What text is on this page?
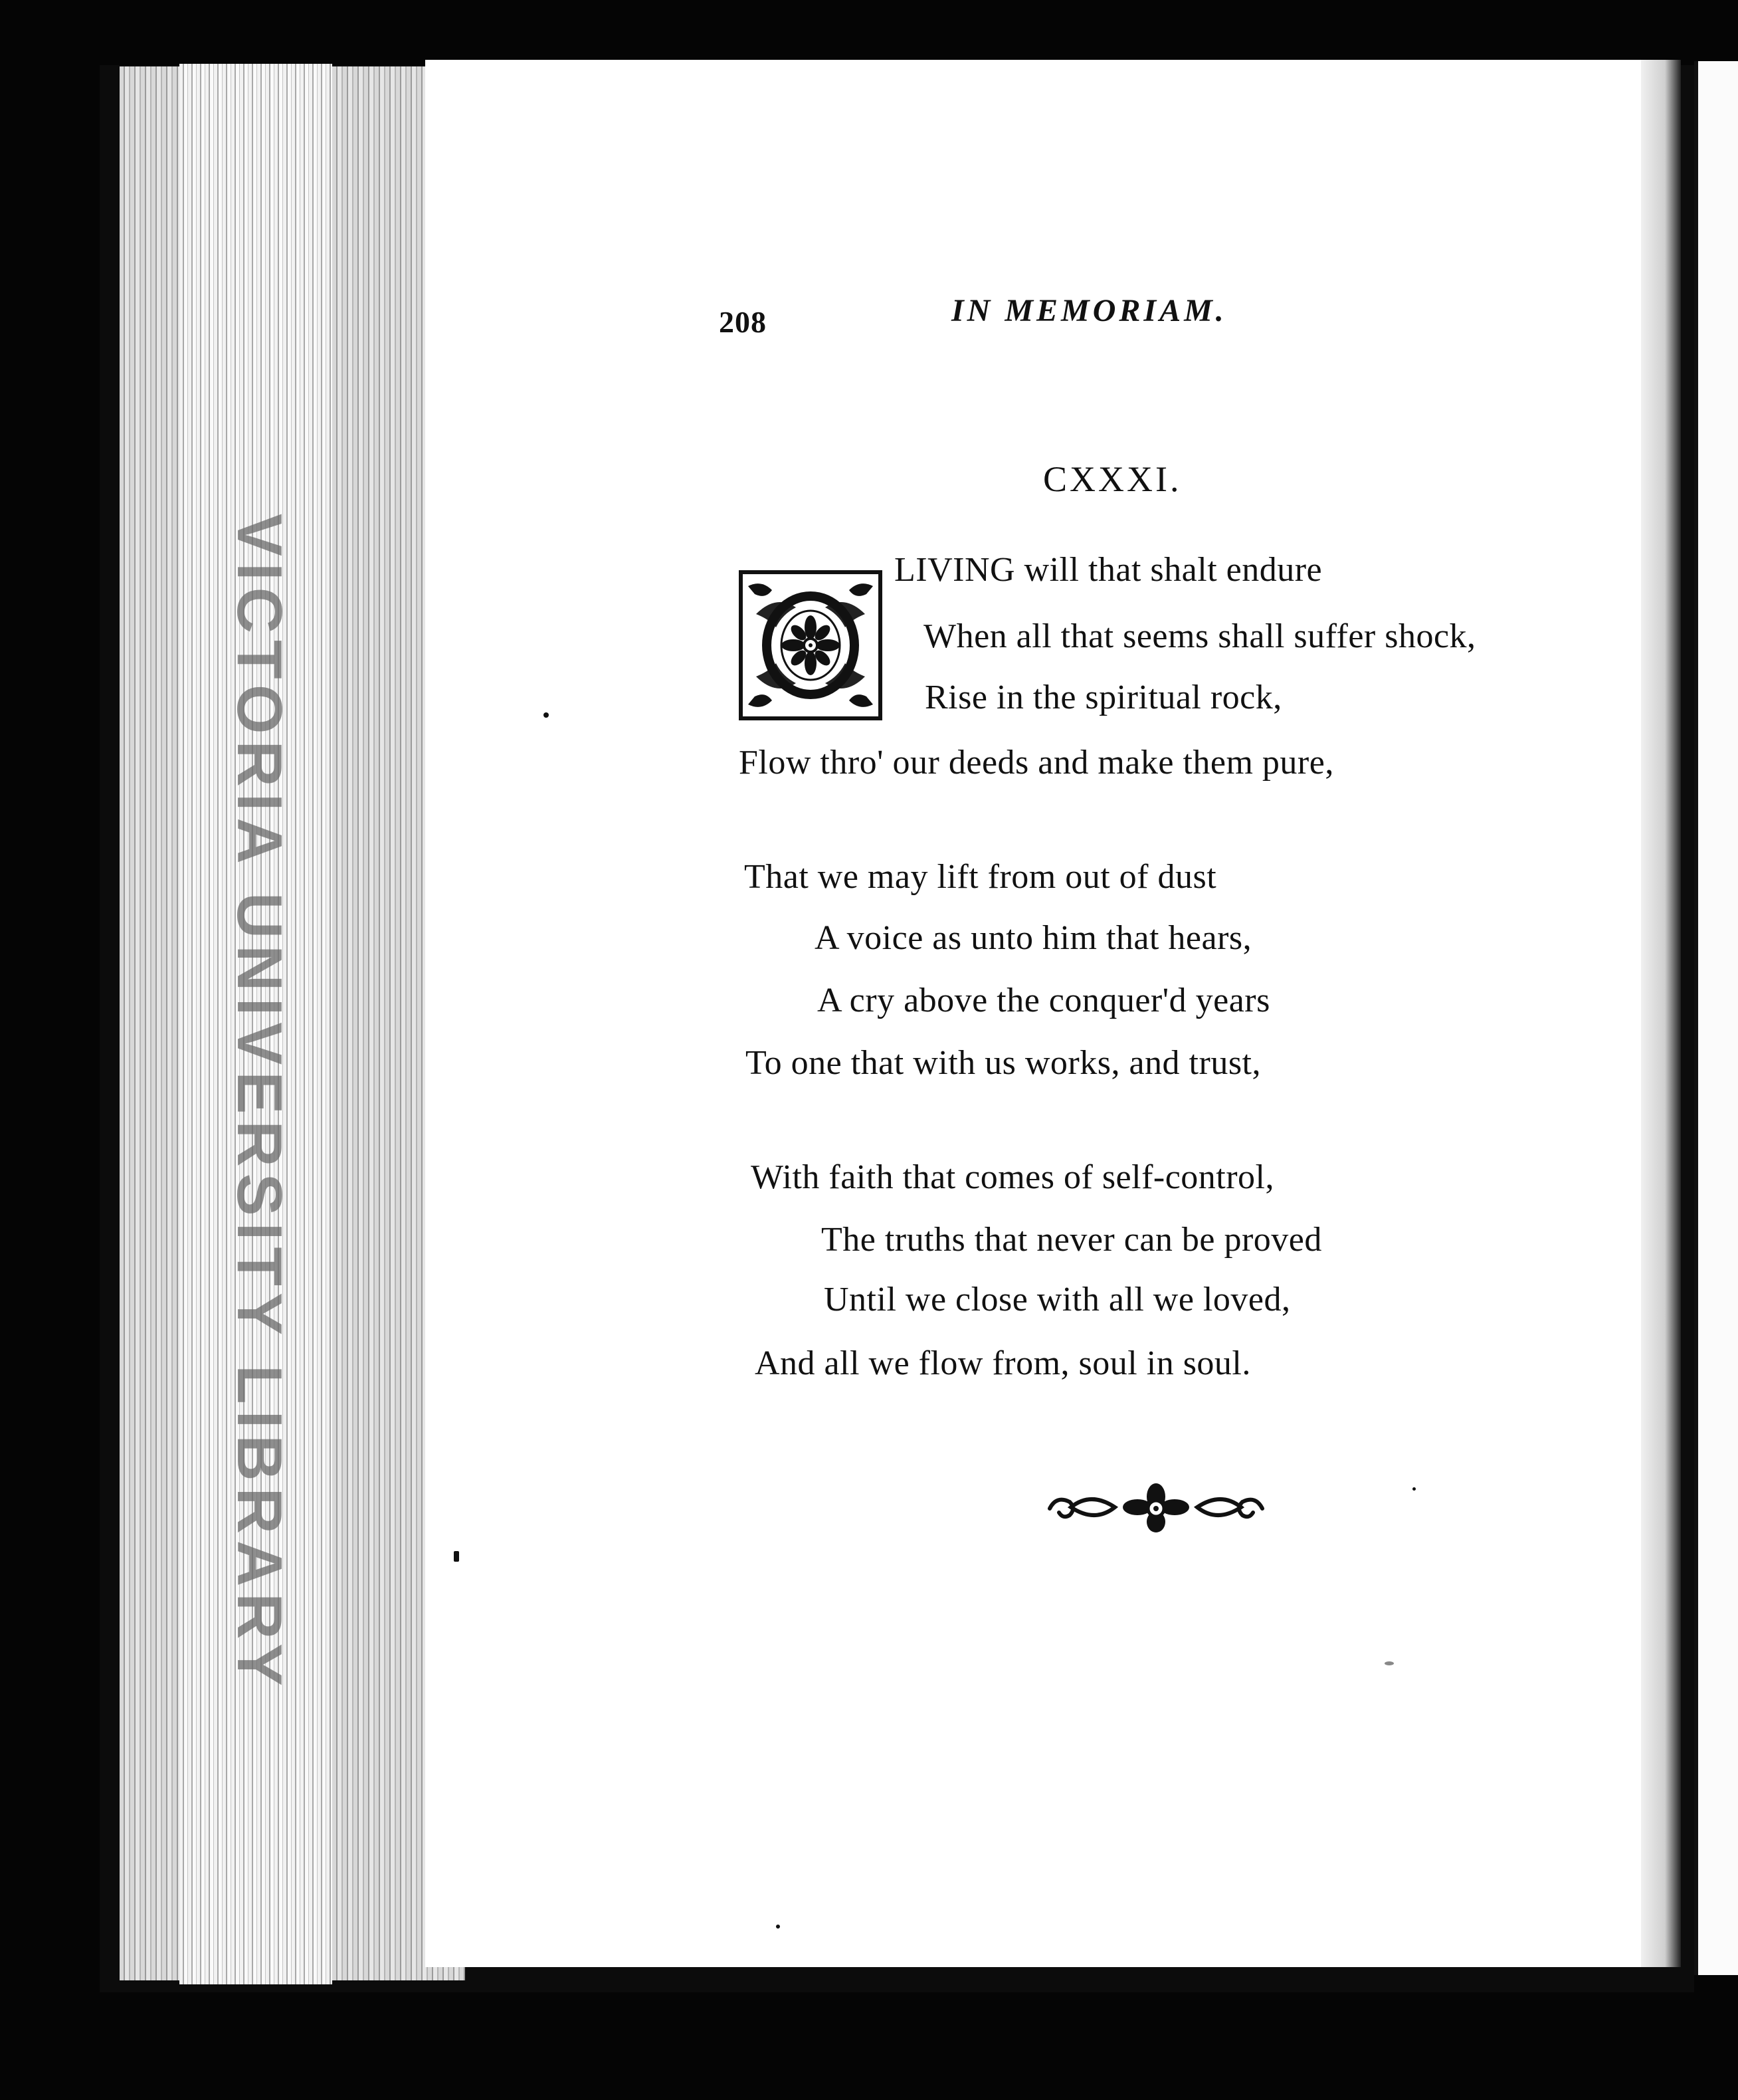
VICTORIA UNIVERSITY LIBRARY
208	IN MEMORIAM.
CXXXI.
LIVING will that shalt endure
When all that seems shall suffer shock,
Rise in the spiritual rock,
Flow thro' our deeds and make them pure,
That we may lift from out of dust
A voice as unto him that hears,
A cry above the conquer'd years
To one that with us works, and trust,
With faith that comes of self-control,
The truths that never can be proved
Until we close with all we loved,
And all we flow from, soul in soul.
